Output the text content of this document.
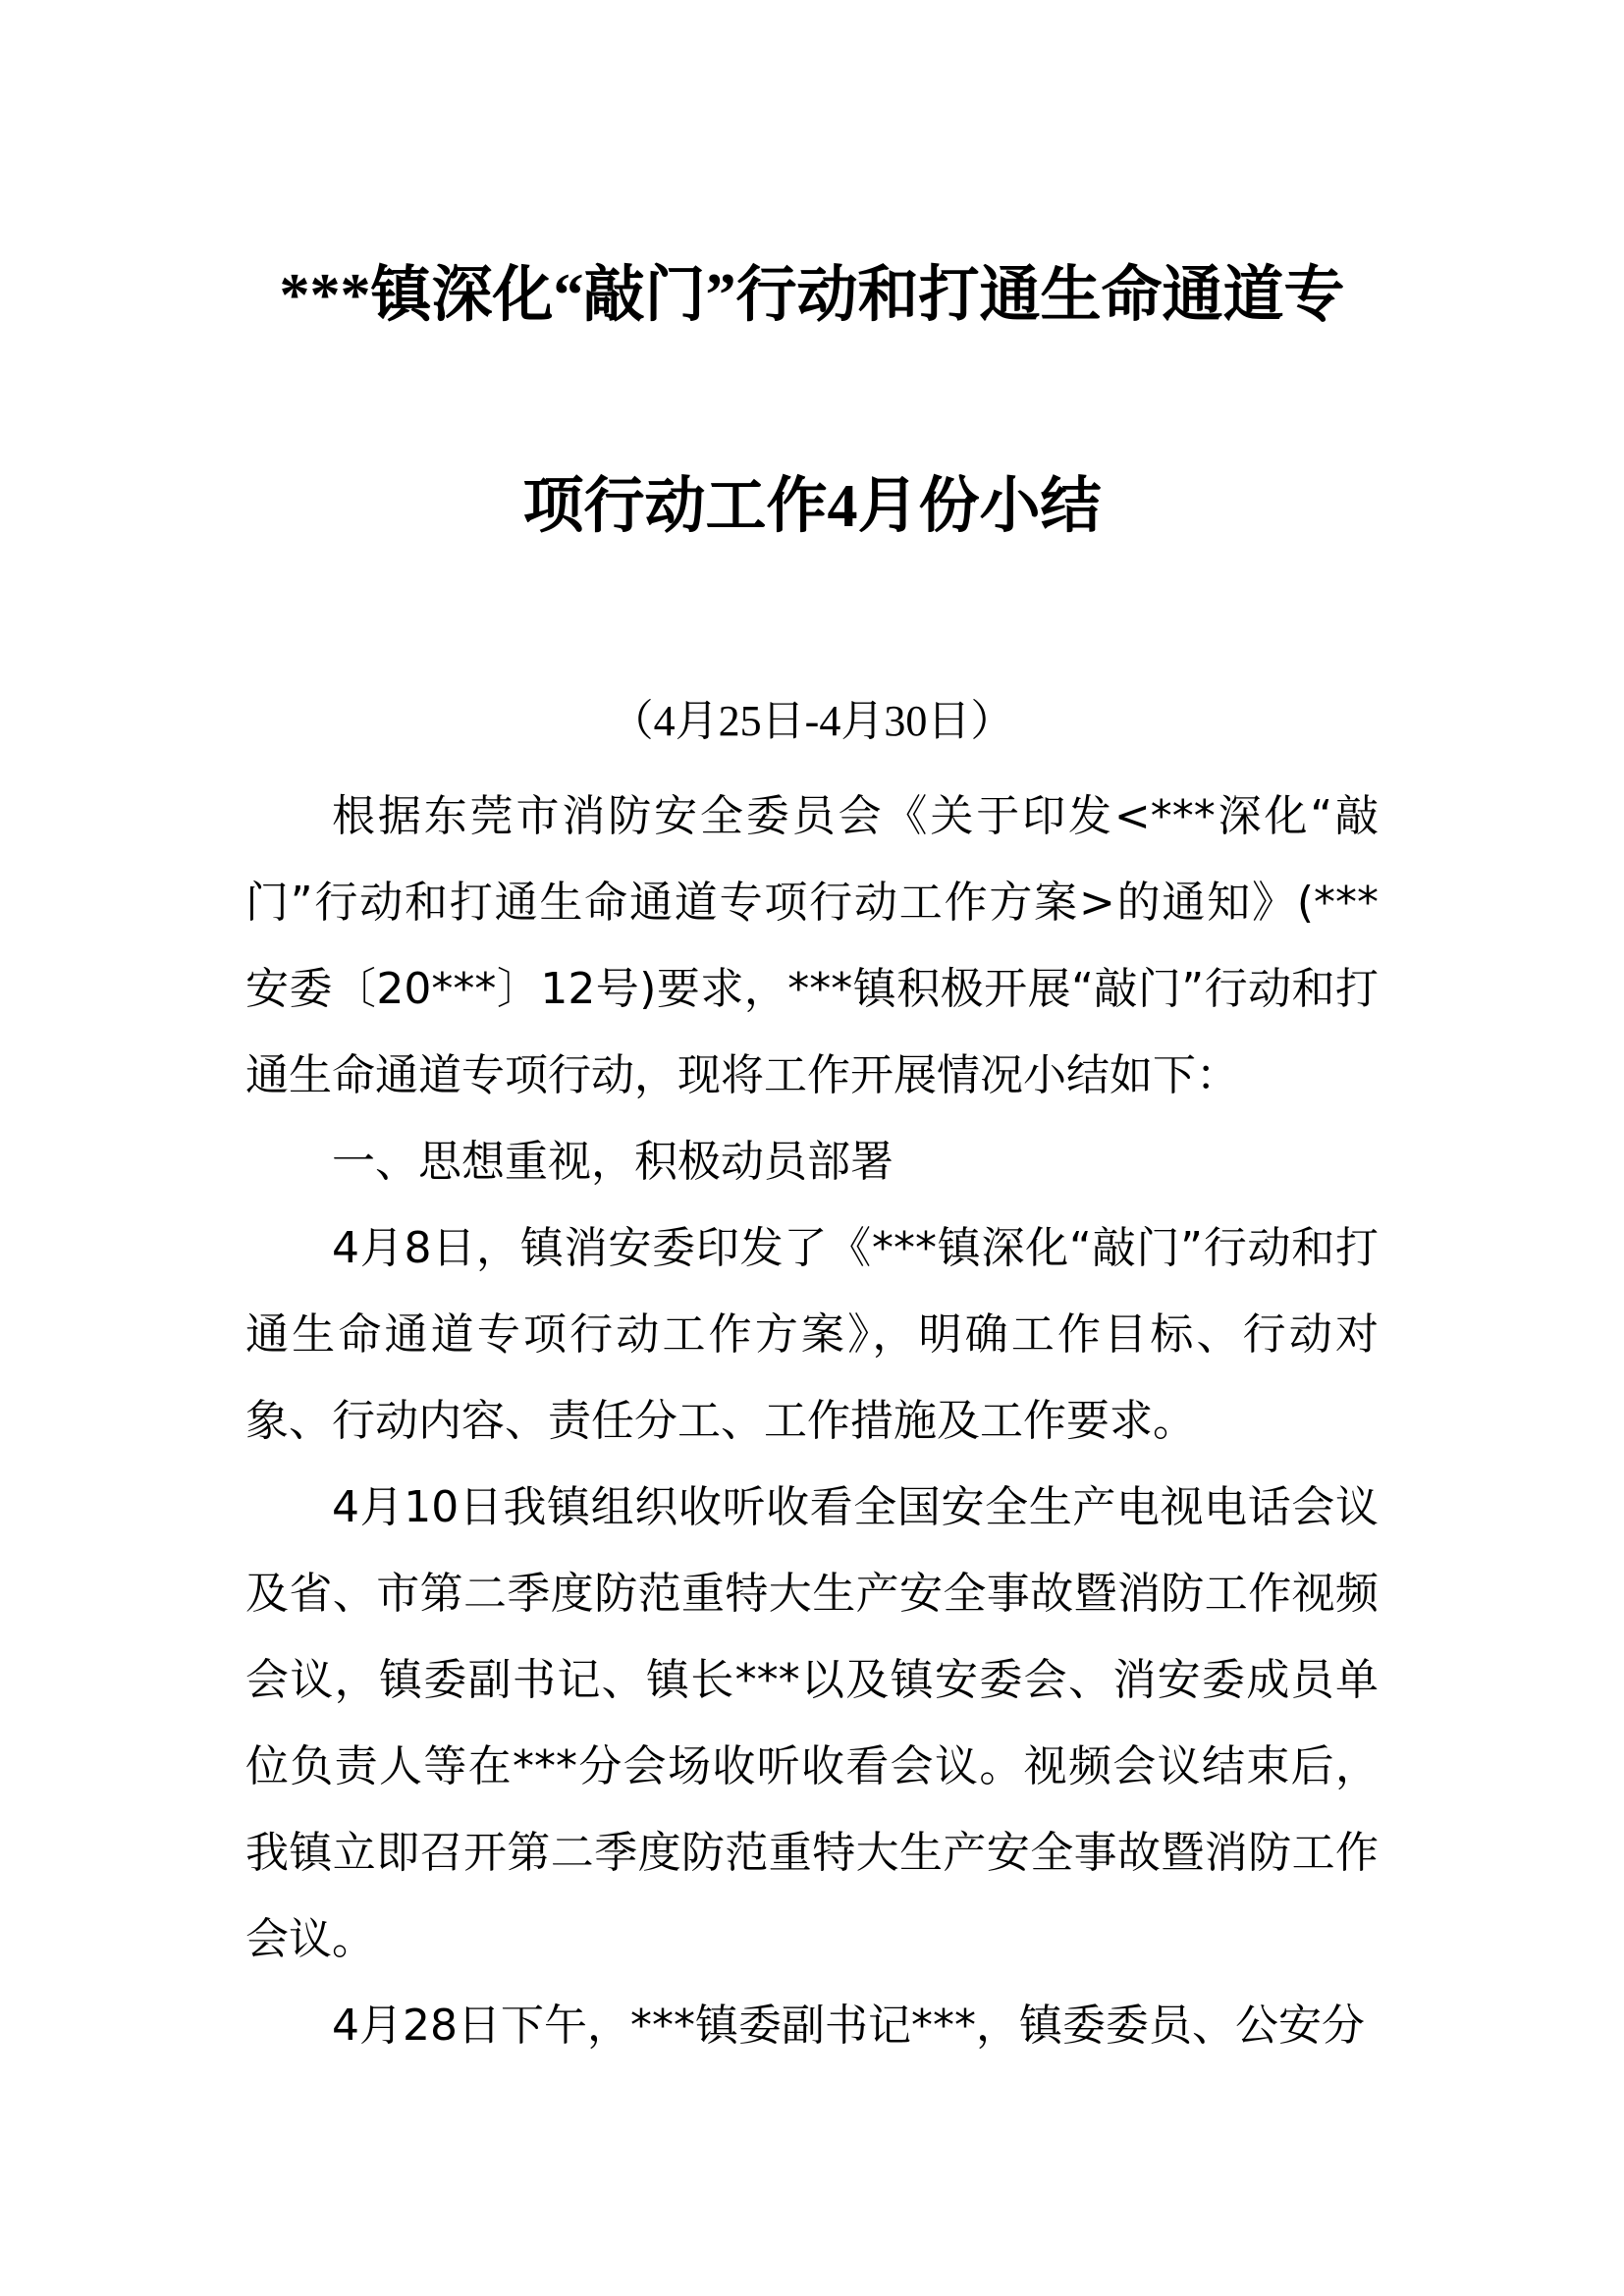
***镇深化“敲门”行动和打通生命通道专
项行动工作4月份小结
（4月25日-4月30日）

根据东莞市消防安全委员会《关于印发<***深化“敲门”行动和打通生命通道专项行动工作方案>的通知》(***安委〔20***〕12号)要求，***镇积极开展“敲门”行动和打通生命通道专项行动，现将工作开展情况小结如下：

一、思想重视，积极动员部署

4月8日，镇消安委印发了《***镇深化“敲门”行动和打通生命通道专项行动工作方案》，明确工作目标、行动对象、行动内容、责任分工、工作措施及工作要求。

4月10日我镇组织收听收看全国安全生产电视电话会议及省、市第二季度防范重特大生产安全事故暨消防工作视频会议，镇委副书记、镇长***以及镇安委会、消安委成员单位负责人等在***分会场收听收看会议。视频会议结束后，我镇立即召开第二季度防范重特大生产安全事故暨消防工作会议。

4月28日下午，***镇委副书记***，镇委委员、公安分
